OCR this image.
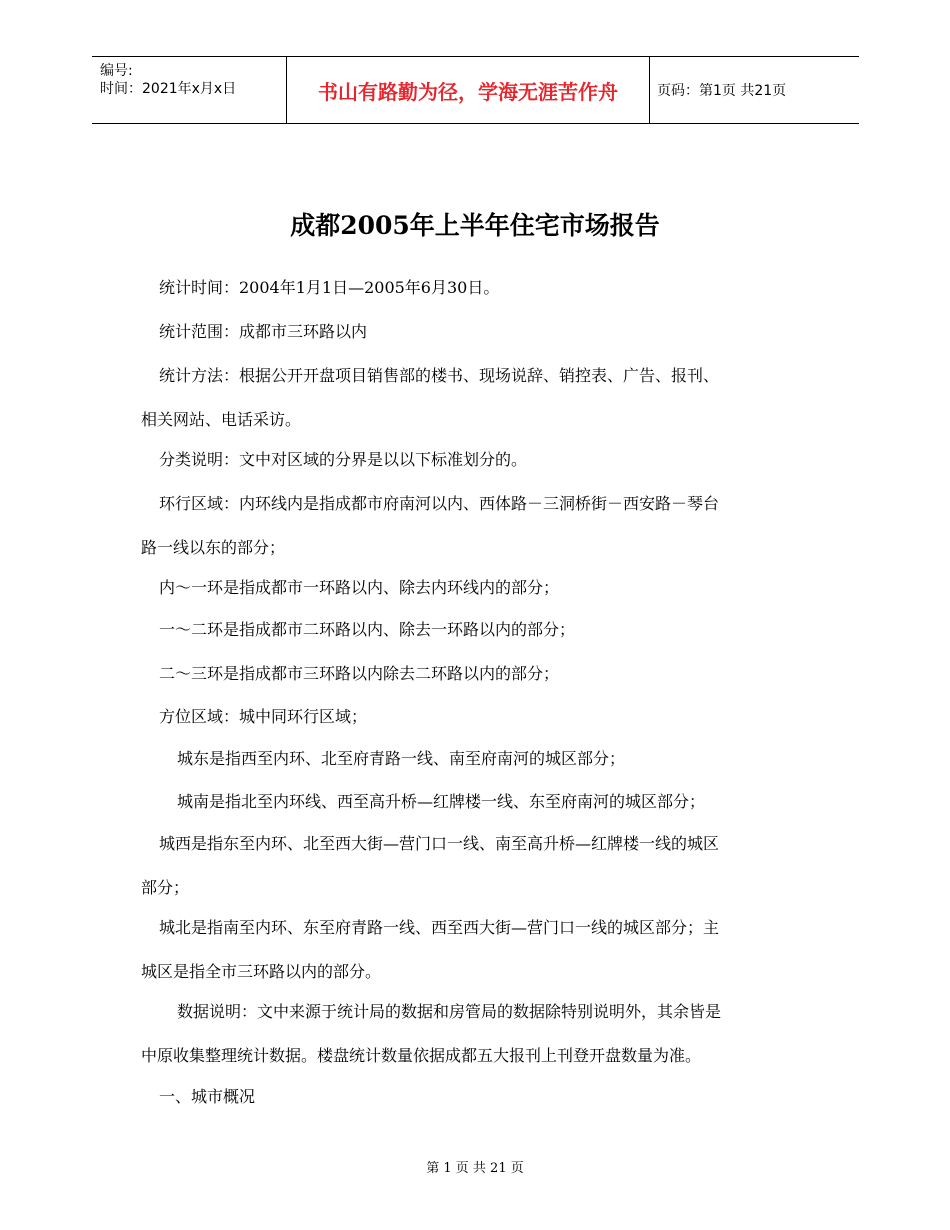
编号:
时间：2021年x月x日	书山有路勤为径，学海无涯苦作舟	页码：第1页 共21页
成都2005年上半年住宅市场报告
统计时间：2004年1月1日—2005年6月30日。
统计范围：成都市三环路以内
统计方法：根据公开开盘项目销售部的楼书、现场说辞、销控表、广告、报刊、
相关网站、电话采访。
分类说明：文中对区域的分界是以以下标准划分的。
环行区域：内环线内是指成都市府南河以内、西体路－三洞桥街－西安路－琴台
路一线以东的部分；
内～一环是指成都市一环路以内、除去内环线内的部分；
一～二环是指成都市二环路以内、除去一环路以内的部分；
二～三环是指成都市三环路以内除去二环路以内的部分；
方位区域：城中同环行区域；
城东是指西至内环、北至府青路一线、南至府南河的城区部分；
城南是指北至内环线、西至高升桥—红牌楼一线、东至府南河的城区部分；
城西是指东至内环、北至西大街—营门口一线、南至高升桥—红牌楼一线的城区
部分；
城北是指南至内环、东至府青路一线、西至西大街—营门口一线的城区部分；主
城区是指全市三环路以内的部分。
数据说明：文中来源于统计局的数据和房管局的数据除特别说明外，其余皆是
中原收集整理统计数据。楼盘统计数量依据成都五大报刊上刊登开盘数量为准。
一、城市概况
第 1 页 共 21 页
